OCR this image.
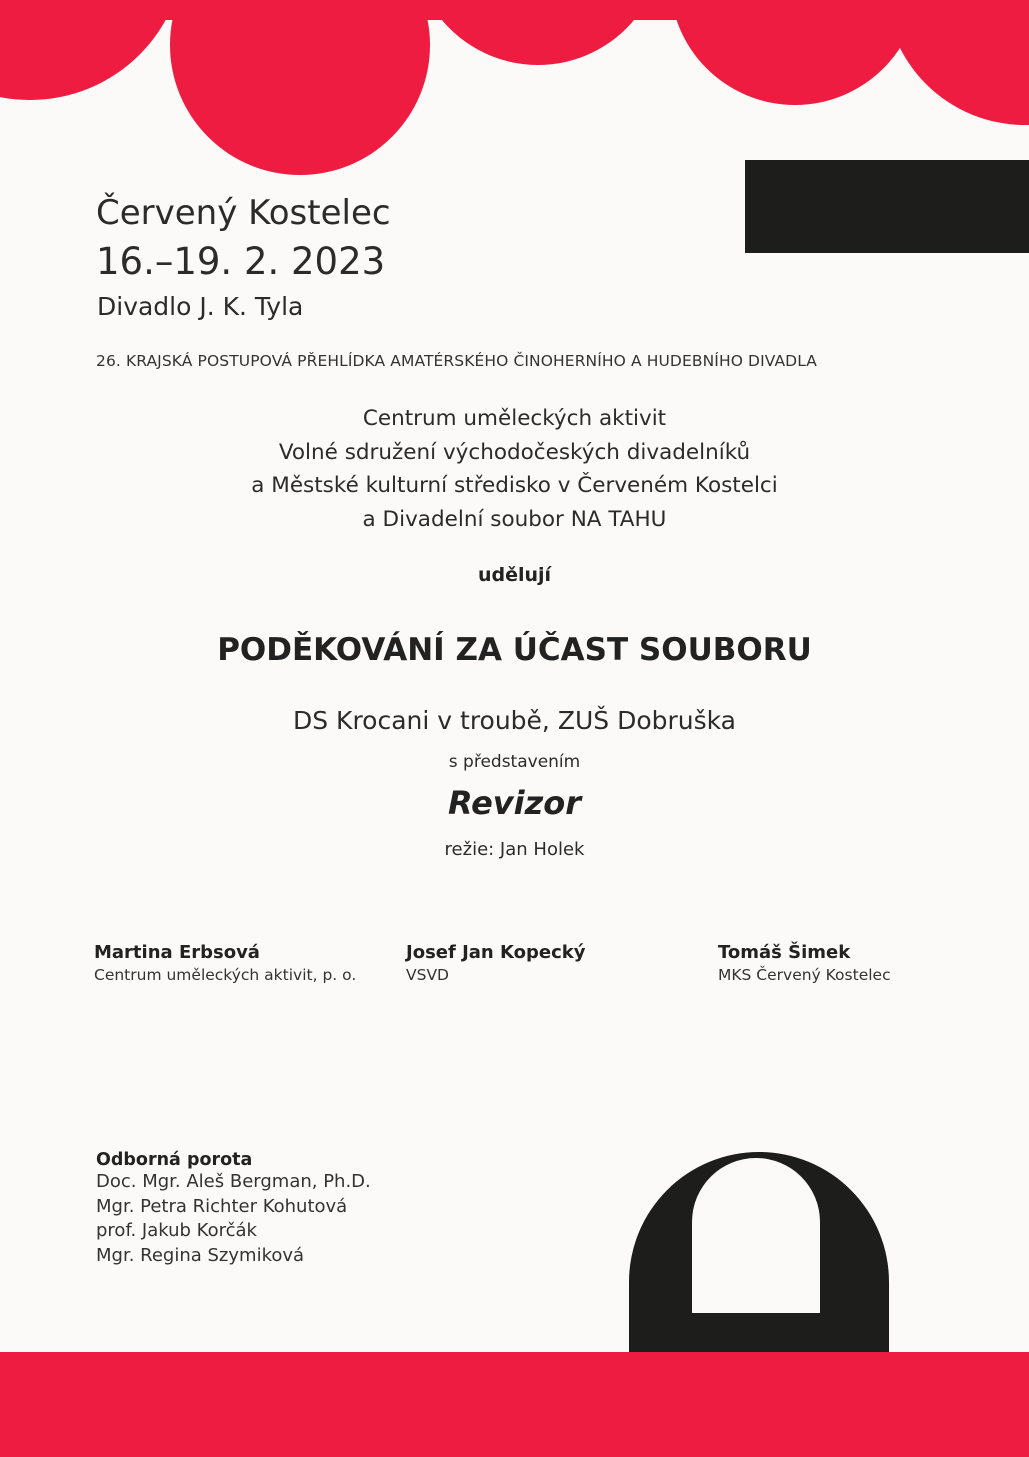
Červený Kostelec
16.–19. 2. 2023
Divadlo J. K. Tyla
26. KRAJSKÁ POSTUPOVÁ PŘEHLÍDKA AMATÉRSKÉHO ČINOHERNÍHO A HUDEBNÍHO DIVADLA
Centrum uměleckých aktivit
Volné sdružení východočeských divadelníků
a Městské kulturní středisko v Červeném Kostelci
a Divadelní soubor NA TAHU
udělují
PODĚKOVÁNÍ ZA ÚČAST SOUBORU
DS Krocani v troubě, ZUŠ Dobruška
s představením
Revizor
režie: Jan Holek
Martina Erbsová
Centrum uměleckých aktivit, p. o.
Josef Jan Kopecký
VSVD
Tomáš Šimek
MKS Červený Kostelec
Odborná porota
Doc. Mgr. Aleš Bergman, Ph.D.
Mgr. Petra Richter Kohutová
prof. Jakub Korčák
Mgr. Regina Szymiková
